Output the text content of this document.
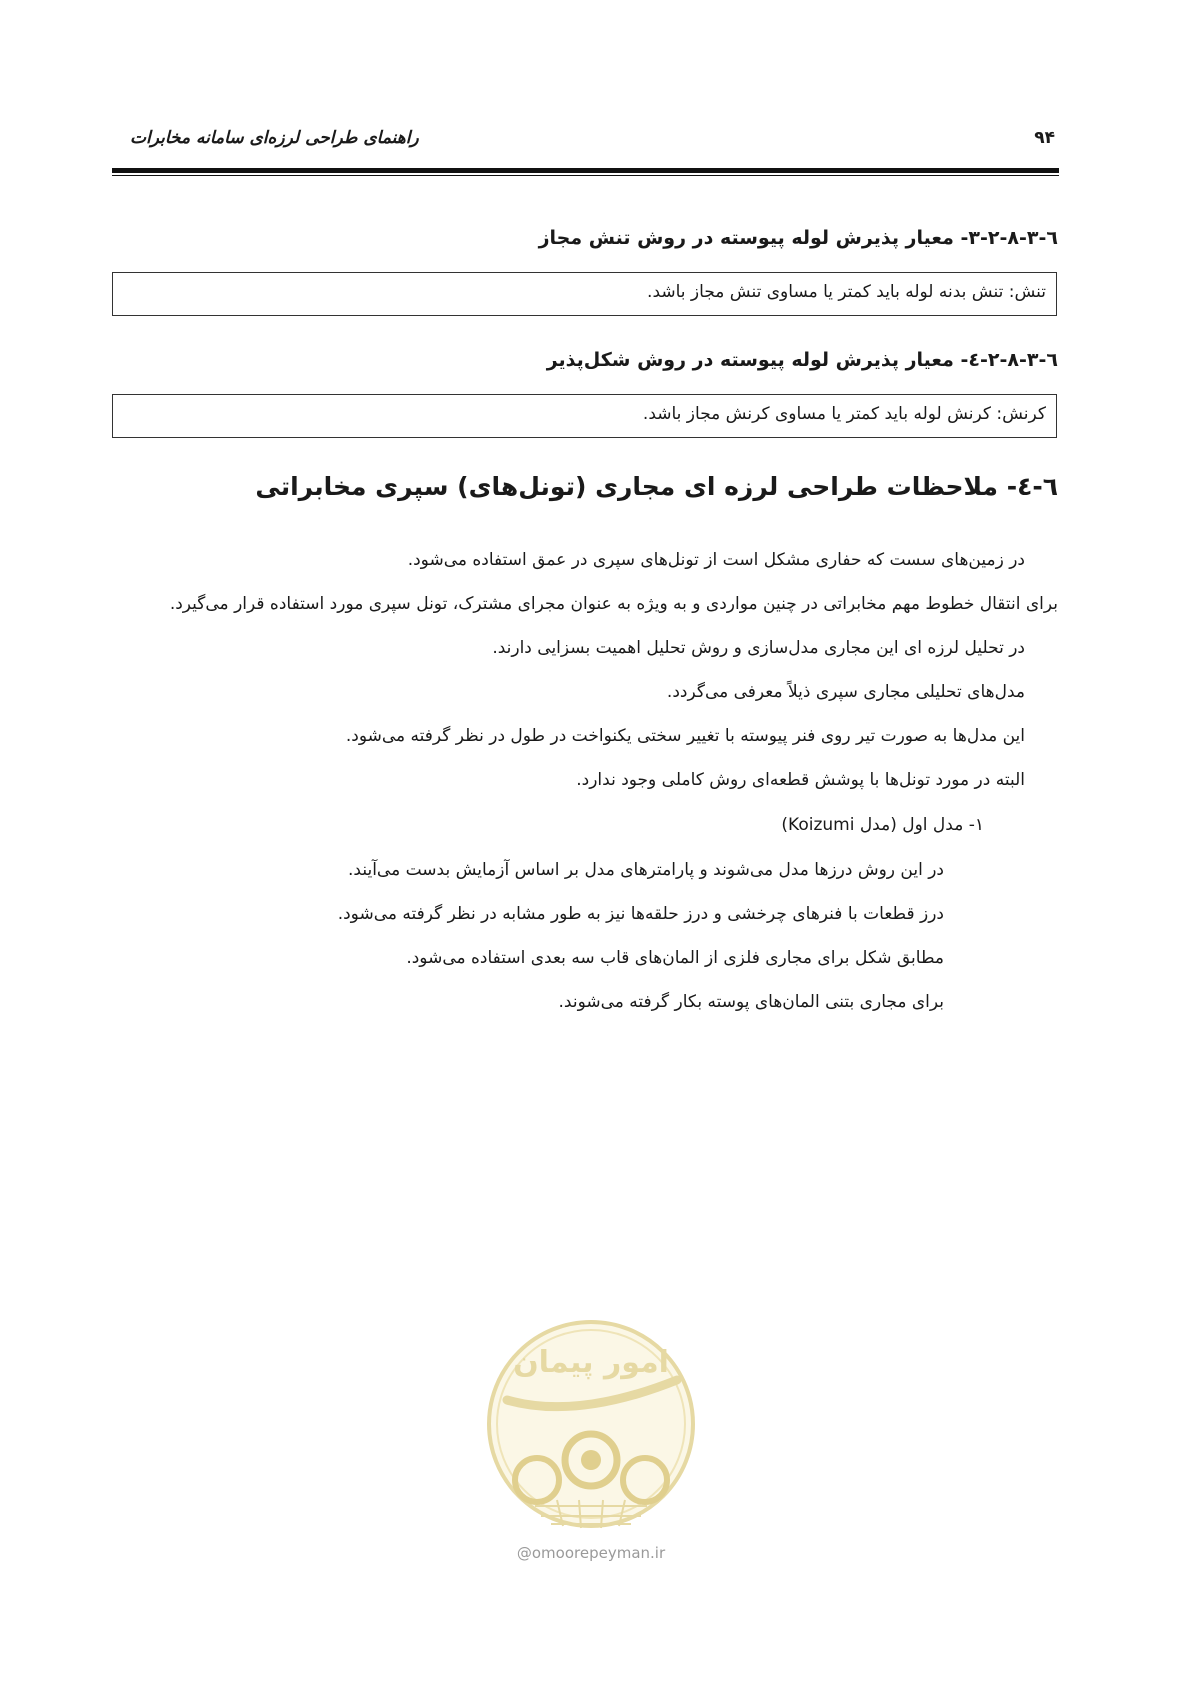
راهنمای طراحی لرزه‌ای سامانه مخابرات	۹۴
٦-٣-٨-٢-٣- معیار پذیرش لوله پیوسته در روش تنش مجاز
تنش: تنش بدنه لوله باید کمتر یا مساوی تنش مجاز باشد.
٦-٣-٨-٢-٤- معیار پذیرش لوله پیوسته در روش شکل‌پذیر
کرنش: کرنش لوله باید کمتر یا مساوی کرنش مجاز باشد.
٦-٤- ملاحظات طراحی لرزه ای مجاری (تونل‌های) سپری مخابراتی
در زمین‌های سست که حفاری مشکل است از تونل‌های سپری در عمق استفاده می‌شود.
برای انتقال خطوط مهم مخابراتی در چنین مواردی و به ویژه به عنوان مجرای مشترک، تونل سپری مورد استفاده قرار می‌گیرد.
در تحلیل لرزه ای این مجاری مدل‌سازی و روش تحلیل اهمیت بسزایی دارند.
مدل‌های تحلیلی مجاری سپری ذیلاً معرفی می‌گردد.
این مدل‌ها به صورت تیر روی فنر پیوسته با تغییر سختی یکنواخت در طول در نظر گرفته می‌شود.
البته در مورد تونل‌ها با پوشش قطعه‌ای روش کاملی وجود ندارد.
١- مدل اول (مدل Koizumi)
در این روش درزها مدل می‌شوند و پارامترهای مدل بر اساس آزمایش بدست می‌آیند.
درز قطعات با فنرهای چرخشی و درز حلقه‌ها نیز به طور مشابه در نظر گرفته می‌شود.
مطابق شکل برای مجاری فلزی از المان‌های قاب سه بعدی استفاده می‌شود.
برای مجاری بتنی المان‌های پوسته بکار گرفته می‌شوند.
امور پیمان
@omoorepeyman.ir
